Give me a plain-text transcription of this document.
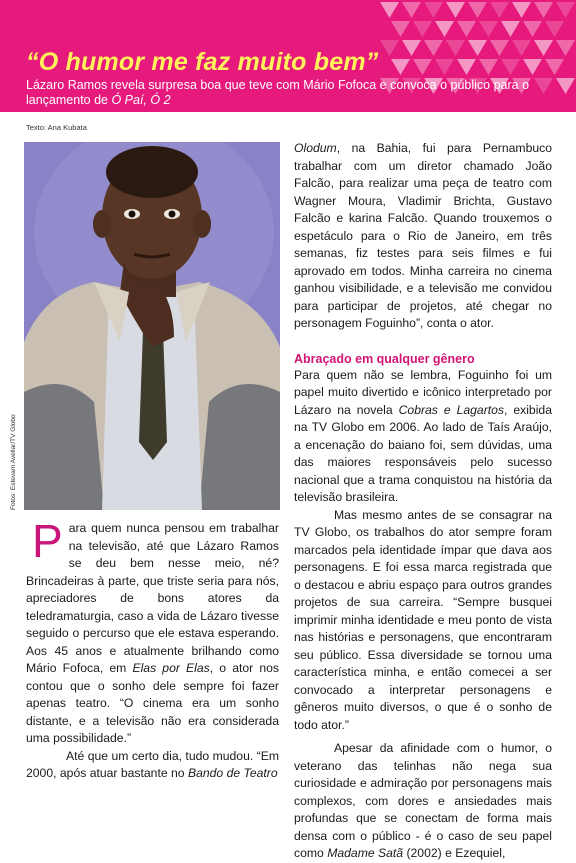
“O humor me faz muito bem”

Lázaro Ramos revela surpresa boa que teve com Mário Fofoca e convoca o público para o lançamento de Ó Paí, Ó 2

Texto: Ana Kubata
Fotos: Estevam Avellar/TV Globo

Para quem nunca pensou em trabalhar na televisão, até que Lázaro Ramos se deu bem nesse meio, né? Brincadeiras à parte, que triste seria para nós, apreciadores de bons atores da teledramaturgia, caso a vida de Lázaro tivesse seguido o percurso que ele estava esperando. Aos 45 anos e atualmente brilhando como Mário Fofoca, em Elas por Elas, o ator nos contou que o sonho dele sempre foi fazer apenas teatro. “O cinema era um sonho distante, e a televisão não era considerada uma possibilidade.”

Até que um certo dia, tudo mudou. “Em 2000, após atuar bastante no Bando de Teatro

Olodum, na Bahia, fui para Pernambuco trabalhar com um diretor chamado João Falcão, para realizar uma peça de teatro com Wagner Moura, Vladimir Brichta, Gustavo Falcão e karina Falcão. Quando trouxemos o espetáculo para o Rio de Janeiro, em três semanas, fiz testes para seis filmes e fui aprovado em todos. Minha carreira no cinema ganhou visibilidade, e a televisão me convidou para participar de projetos, até chegar no personagem Foguinho”, conta o ator.

Abraçado em qualquer gênero

Para quem não se lembra, Foguinho foi um papel muito divertido e icônico interpretado por Lázaro na novela Cobras e Lagartos, exibida na TV Globo em 2006. Ao lado de Taís Araújo, a encenação do baiano foi, sem dúvidas, uma das maiores responsáveis pelo sucesso nacional que a trama conquistou na história da televisão brasileira.

Mas mesmo antes de se consagrar na TV Globo, os trabalhos do ator sempre foram marcados pela identidade ímpar que dava aos personagens. E foi essa marca registrada que o destacou e abriu espaço para outros grandes projetos de sua carreira. “Sempre busquei imprimir minha identidade e meu ponto de vista nas histórias e personagens, que encontraram seu público. Essa diversidade se tornou uma característica minha, e então comecei a ser convocado a interpretar personagens e gêneros muito diversos, o que é o sonho de todo ator.”

Apesar da afinidade com o humor, o veterano das telinhas não nega sua curiosidade e admiração por personagens mais complexos, com dores e ansiedades mais profundas que se conectam de forma mais densa com o público - é o caso de seu papel como Madame Satã (2002) e Ezequiel,
